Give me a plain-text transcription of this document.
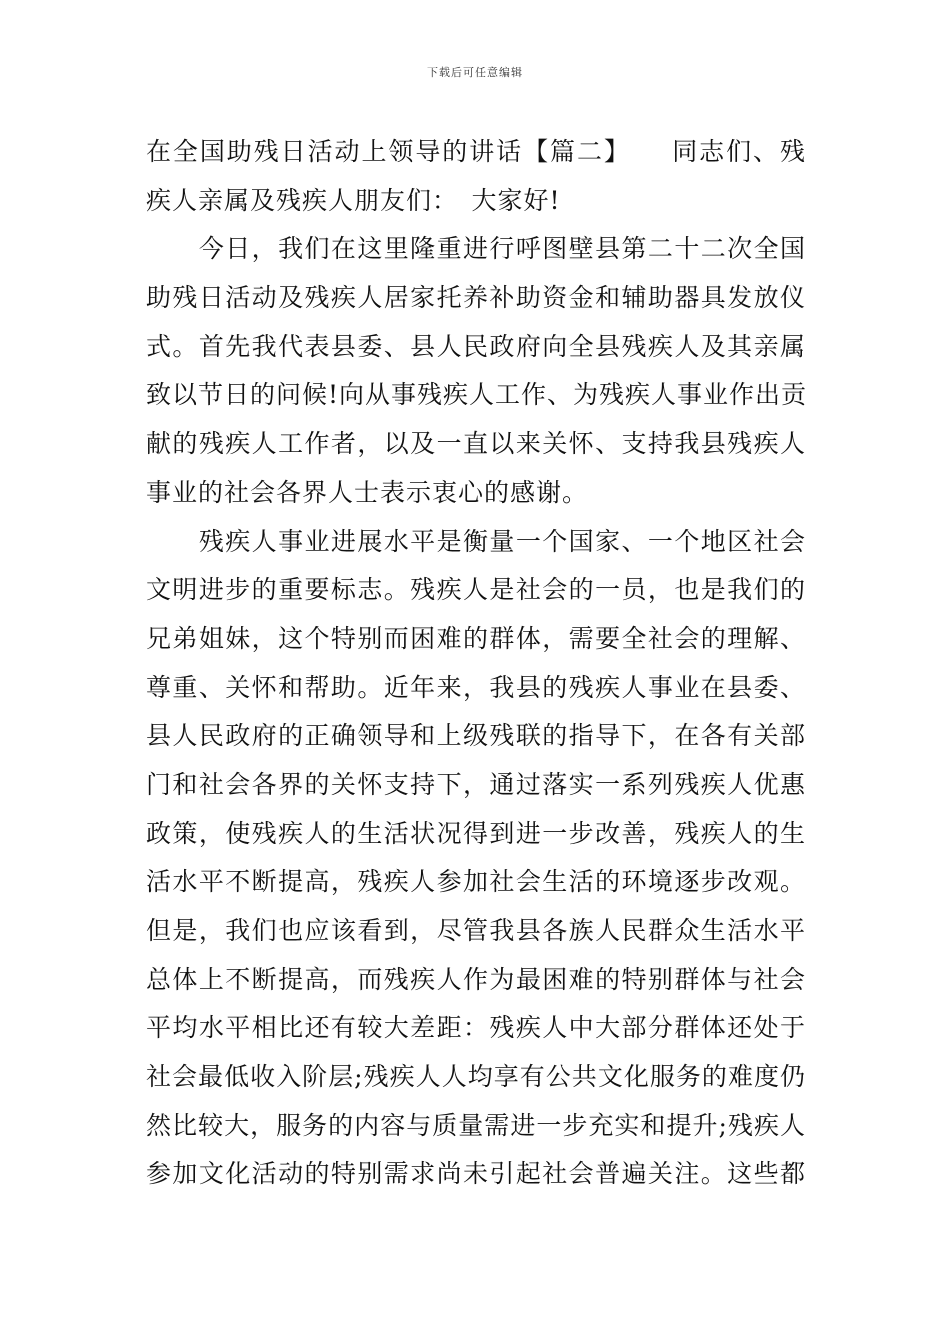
下载后可任意编辑
在全国助残日活动上领导的讲话【篇二】　　同志们、残
疾人亲属及残疾人朋友们：　大家好!
　　今日，我们在这里隆重进行呼图壁县第二十二次全国
助残日活动及残疾人居家托养补助资金和辅助器具发放仪
式。首先我代表县委、县人民政府向全县残疾人及其亲属
致以节日的问候!向从事残疾人工作、为残疾人事业作出贡
献的残疾人工作者，以及一直以来关怀、支持我县残疾人
事业的社会各界人士表示衷心的感谢。
　　残疾人事业进展水平是衡量一个国家、一个地区社会
文明进步的重要标志。残疾人是社会的一员，也是我们的
兄弟姐妹，这个特别而困难的群体，需要全社会的理解、
尊重、关怀和帮助。近年来，我县的残疾人事业在县委、
县人民政府的正确领导和上级残联的指导下，在各有关部
门和社会各界的关怀支持下，通过落实一系列残疾人优惠
政策，使残疾人的生活状况得到进一步改善，残疾人的生
活水平不断提高，残疾人参加社会生活的环境逐步改观。
但是，我们也应该看到，尽管我县各族人民群众生活水平
总体上不断提高，而残疾人作为最困难的特别群体与社会
平均水平相比还有较大差距：残疾人中大部分群体还处于
社会最低收入阶层;残疾人人均享有公共文化服务的难度仍
然比较大，服务的内容与质量需进一步充实和提升;残疾人
参加文化活动的特别需求尚未引起社会普遍关注。这些都
